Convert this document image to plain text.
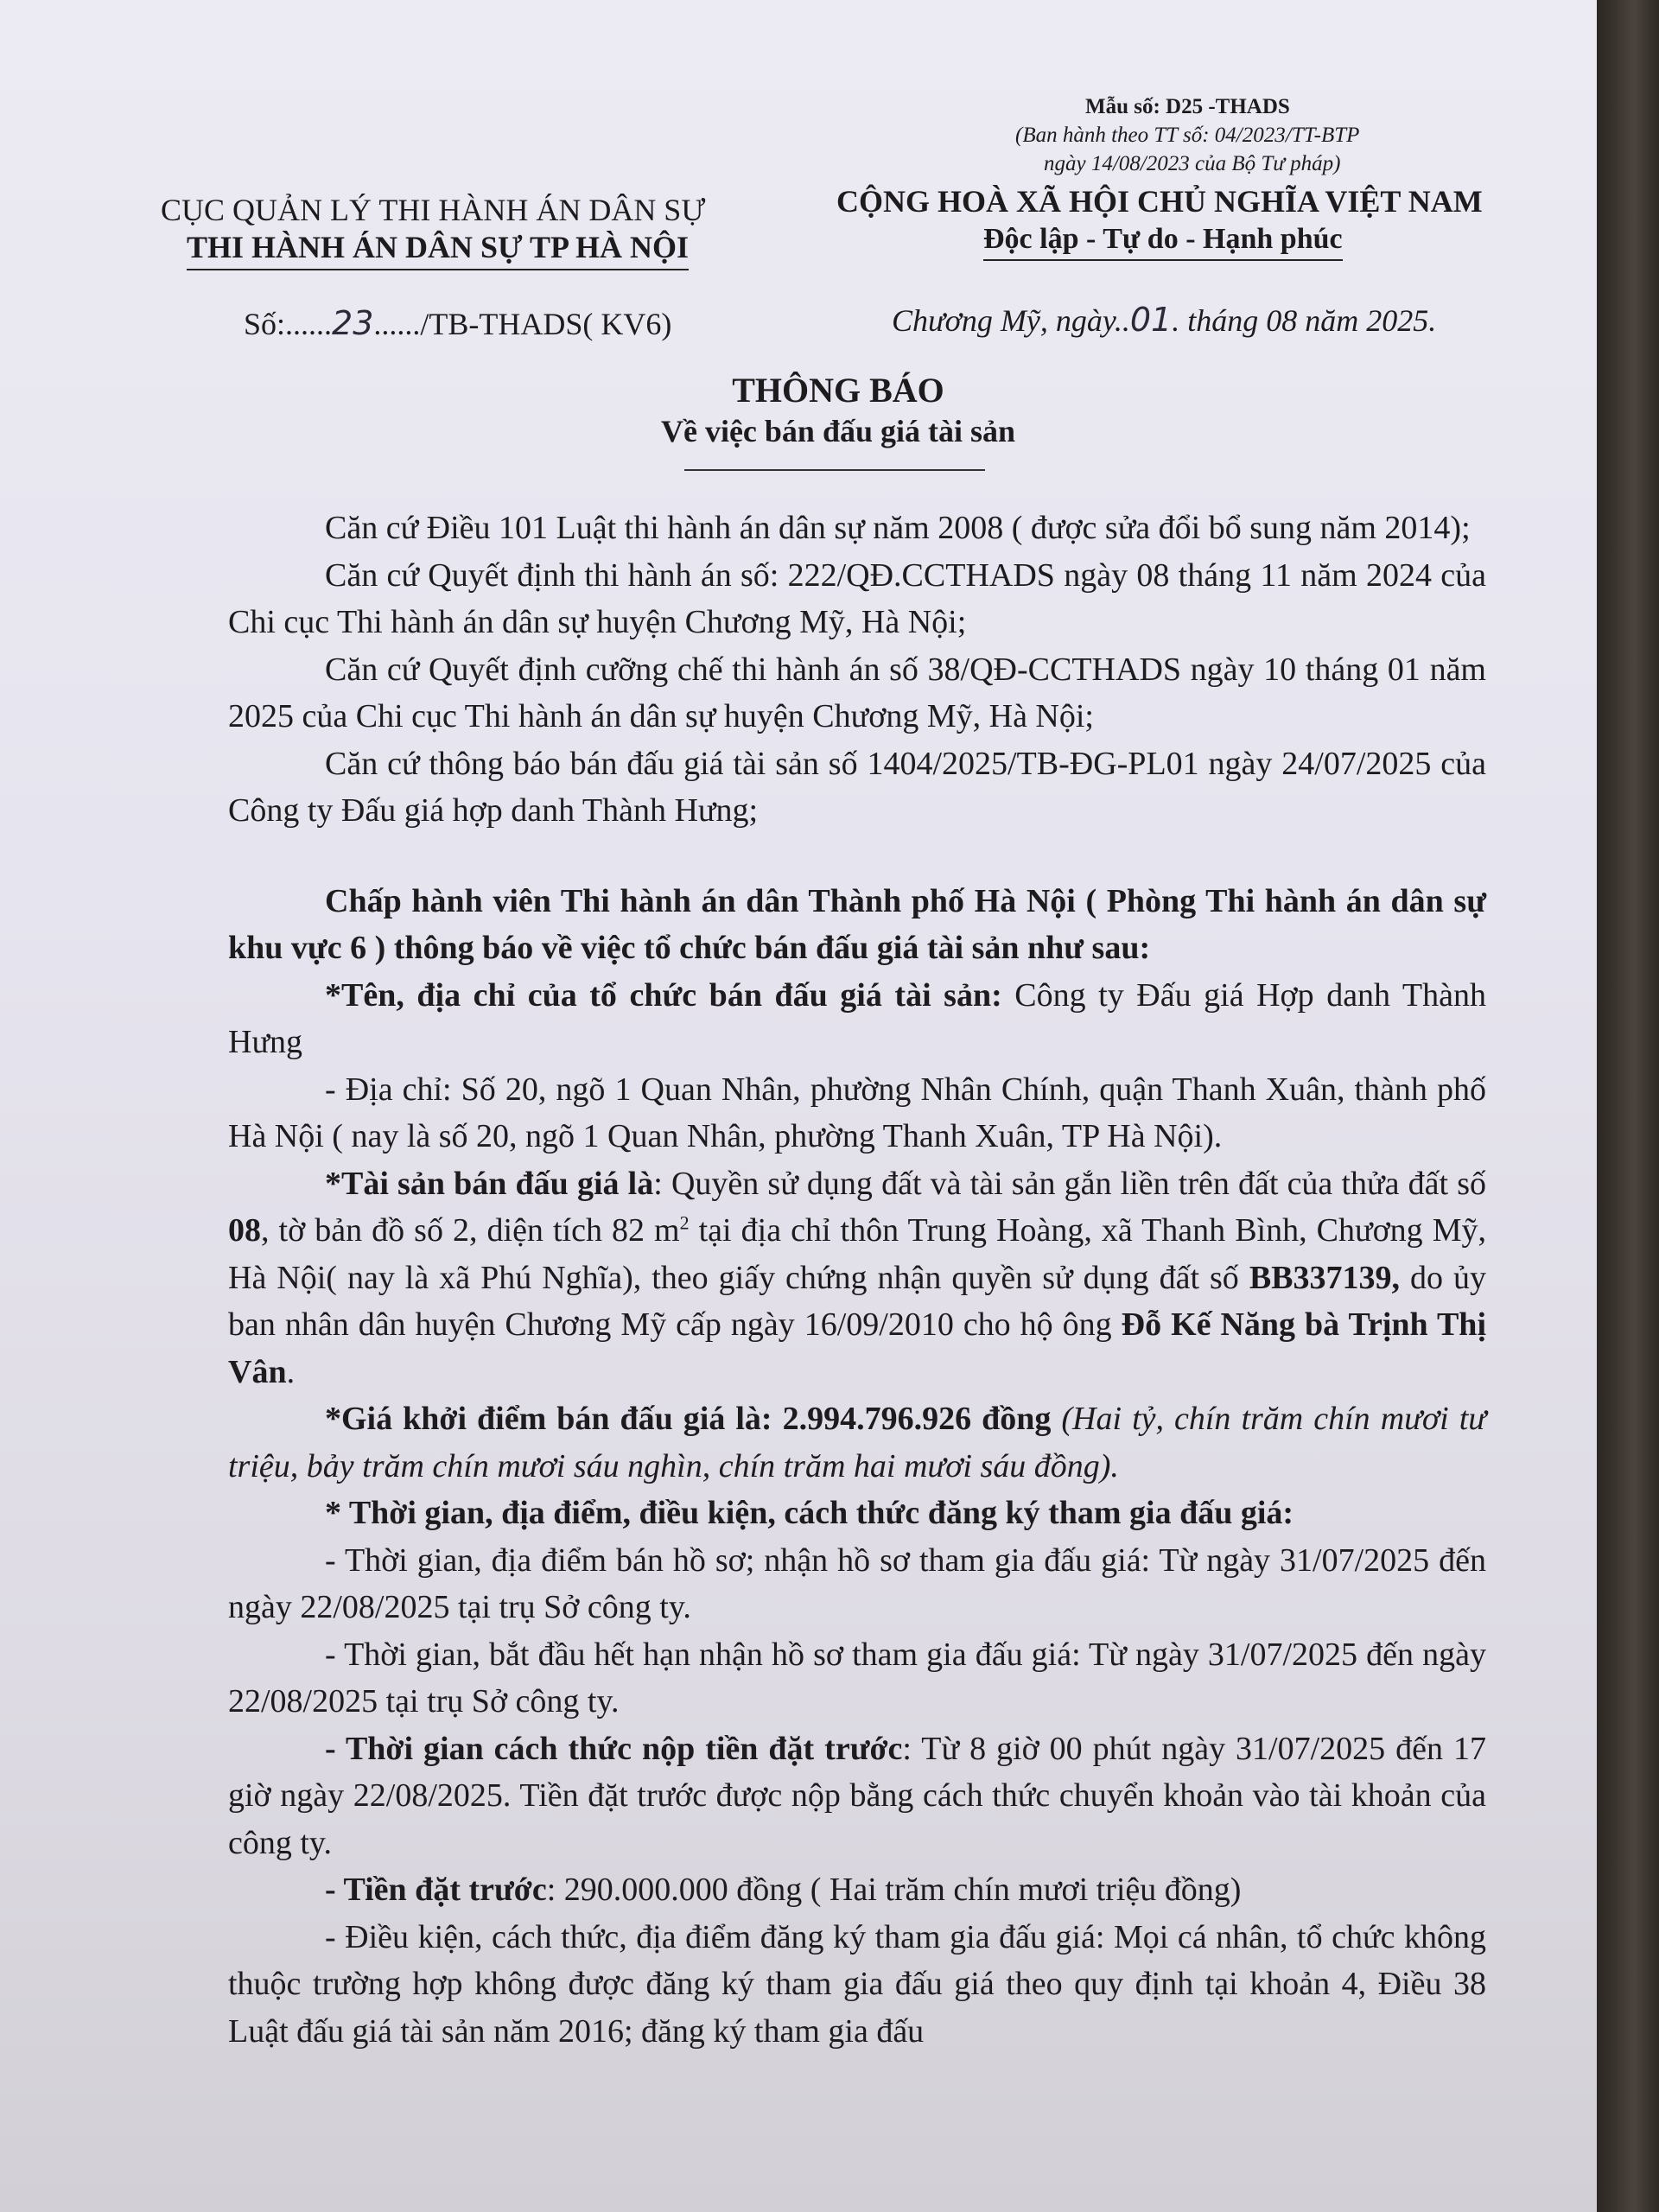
Mẫu số: D25 -THADS
(Ban hành theo TT số: 04/2023/TT-BTP
ngày 14/08/2023 của Bộ Tư pháp)
CỤC QUẢN LÝ THI HÀNH ÁN DÂN SỰ
THI HÀNH ÁN DÂN SỰ TP HÀ NỘI
CỘNG HOÀ XÃ HỘI CHỦ NGHĨA VIỆT NAM
Độc lập - Tự do - Hạnh phúc
Số:......23....../TB-THADS( KV6)	Chương Mỹ, ngày..01. tháng 08 năm 2025.
THÔNG BÁO
Về việc bán đấu giá tài sản

Căn cứ Điều 101 Luật thi hành án dân sự năm 2008 ( được sửa đổi bổ sung năm 2014);

Căn cứ Quyết định thi hành án số: 222/QĐ.CCTHADS ngày 08 tháng 11 năm 2024 của Chi cục Thi hành án dân sự huyện Chương Mỹ, Hà Nội;

Căn cứ Quyết định cưỡng chế thi hành án số 38/QĐ-CCTHADS ngày 10 tháng 01 năm 2025 của Chi cục Thi hành án dân sự huyện Chương Mỹ, Hà Nội;

Căn cứ thông báo bán đấu giá tài sản số 1404/2025/TB-ĐG-PL01 ngày 24/07/2025 của Công ty Đấu giá hợp danh Thành Hưng;

Chấp hành viên Thi hành án dân Thành phố Hà Nội ( Phòng Thi hành án dân sự khu vực 6 ) thông báo về việc tổ chức bán đấu giá tài sản như sau:

*Tên, địa chỉ của tổ chức bán đấu giá tài sản: Công ty Đấu giá Hợp danh Thành Hưng

- Địa chỉ: Số 20, ngõ 1 Quan Nhân, phường Nhân Chính, quận Thanh Xuân, thành phố Hà Nội ( nay là số 20, ngõ 1 Quan Nhân, phường Thanh Xuân, TP Hà Nội).

*Tài sản bán đấu giá là: Quyền sử dụng đất và tài sản gắn liền trên đất của thửa đất số 08, tờ bản đồ số 2, diện tích 82 $m^2$ tại địa chỉ thôn Trung Hoàng, xã Thanh Bình, Chương Mỹ, Hà Nội( nay là xã Phú Nghĩa), theo giấy chứng nhận quyền sử dụng đất số BB337139, do ủy ban nhân dân huyện Chương Mỹ cấp ngày 16/09/2010 cho hộ ông Đỗ Kế Năng bà Trịnh Thị Vân.

*Giá khởi điểm bán đấu giá là: 2.994.796.926 đồng (Hai tỷ, chín trăm chín mươi tư triệu, bảy trăm chín mươi sáu nghìn, chín trăm hai mươi sáu đồng).

* Thời gian, địa điểm, điều kiện, cách thức đăng ký tham gia đấu giá:

- Thời gian, địa điểm bán hồ sơ; nhận hồ sơ tham gia đấu giá: Từ ngày 31/07/2025 đến ngày 22/08/2025 tại trụ Sở công ty.

- Thời gian, bắt đầu hết hạn nhận hồ sơ tham gia đấu giá: Từ ngày 31/07/2025 đến ngày 22/08/2025 tại trụ Sở công ty.

- Thời gian cách thức nộp tiền đặt trước: Từ 8 giờ 00 phút ngày 31/07/2025 đến 17 giờ ngày 22/08/2025. Tiền đặt trước được nộp bằng cách thức chuyển khoản vào tài khoản của công ty.

- Tiền đặt trước: 290.000.000 đồng ( Hai trăm chín mươi triệu đồng)

- Điều kiện, cách thức, địa điểm đăng ký tham gia đấu giá: Mọi cá nhân, tổ chức không thuộc trường hợp không được đăng ký tham gia đấu giá theo quy định tại khoản 4, Điều 38 Luật đấu giá tài sản năm 2016; đăng ký tham gia đấu
